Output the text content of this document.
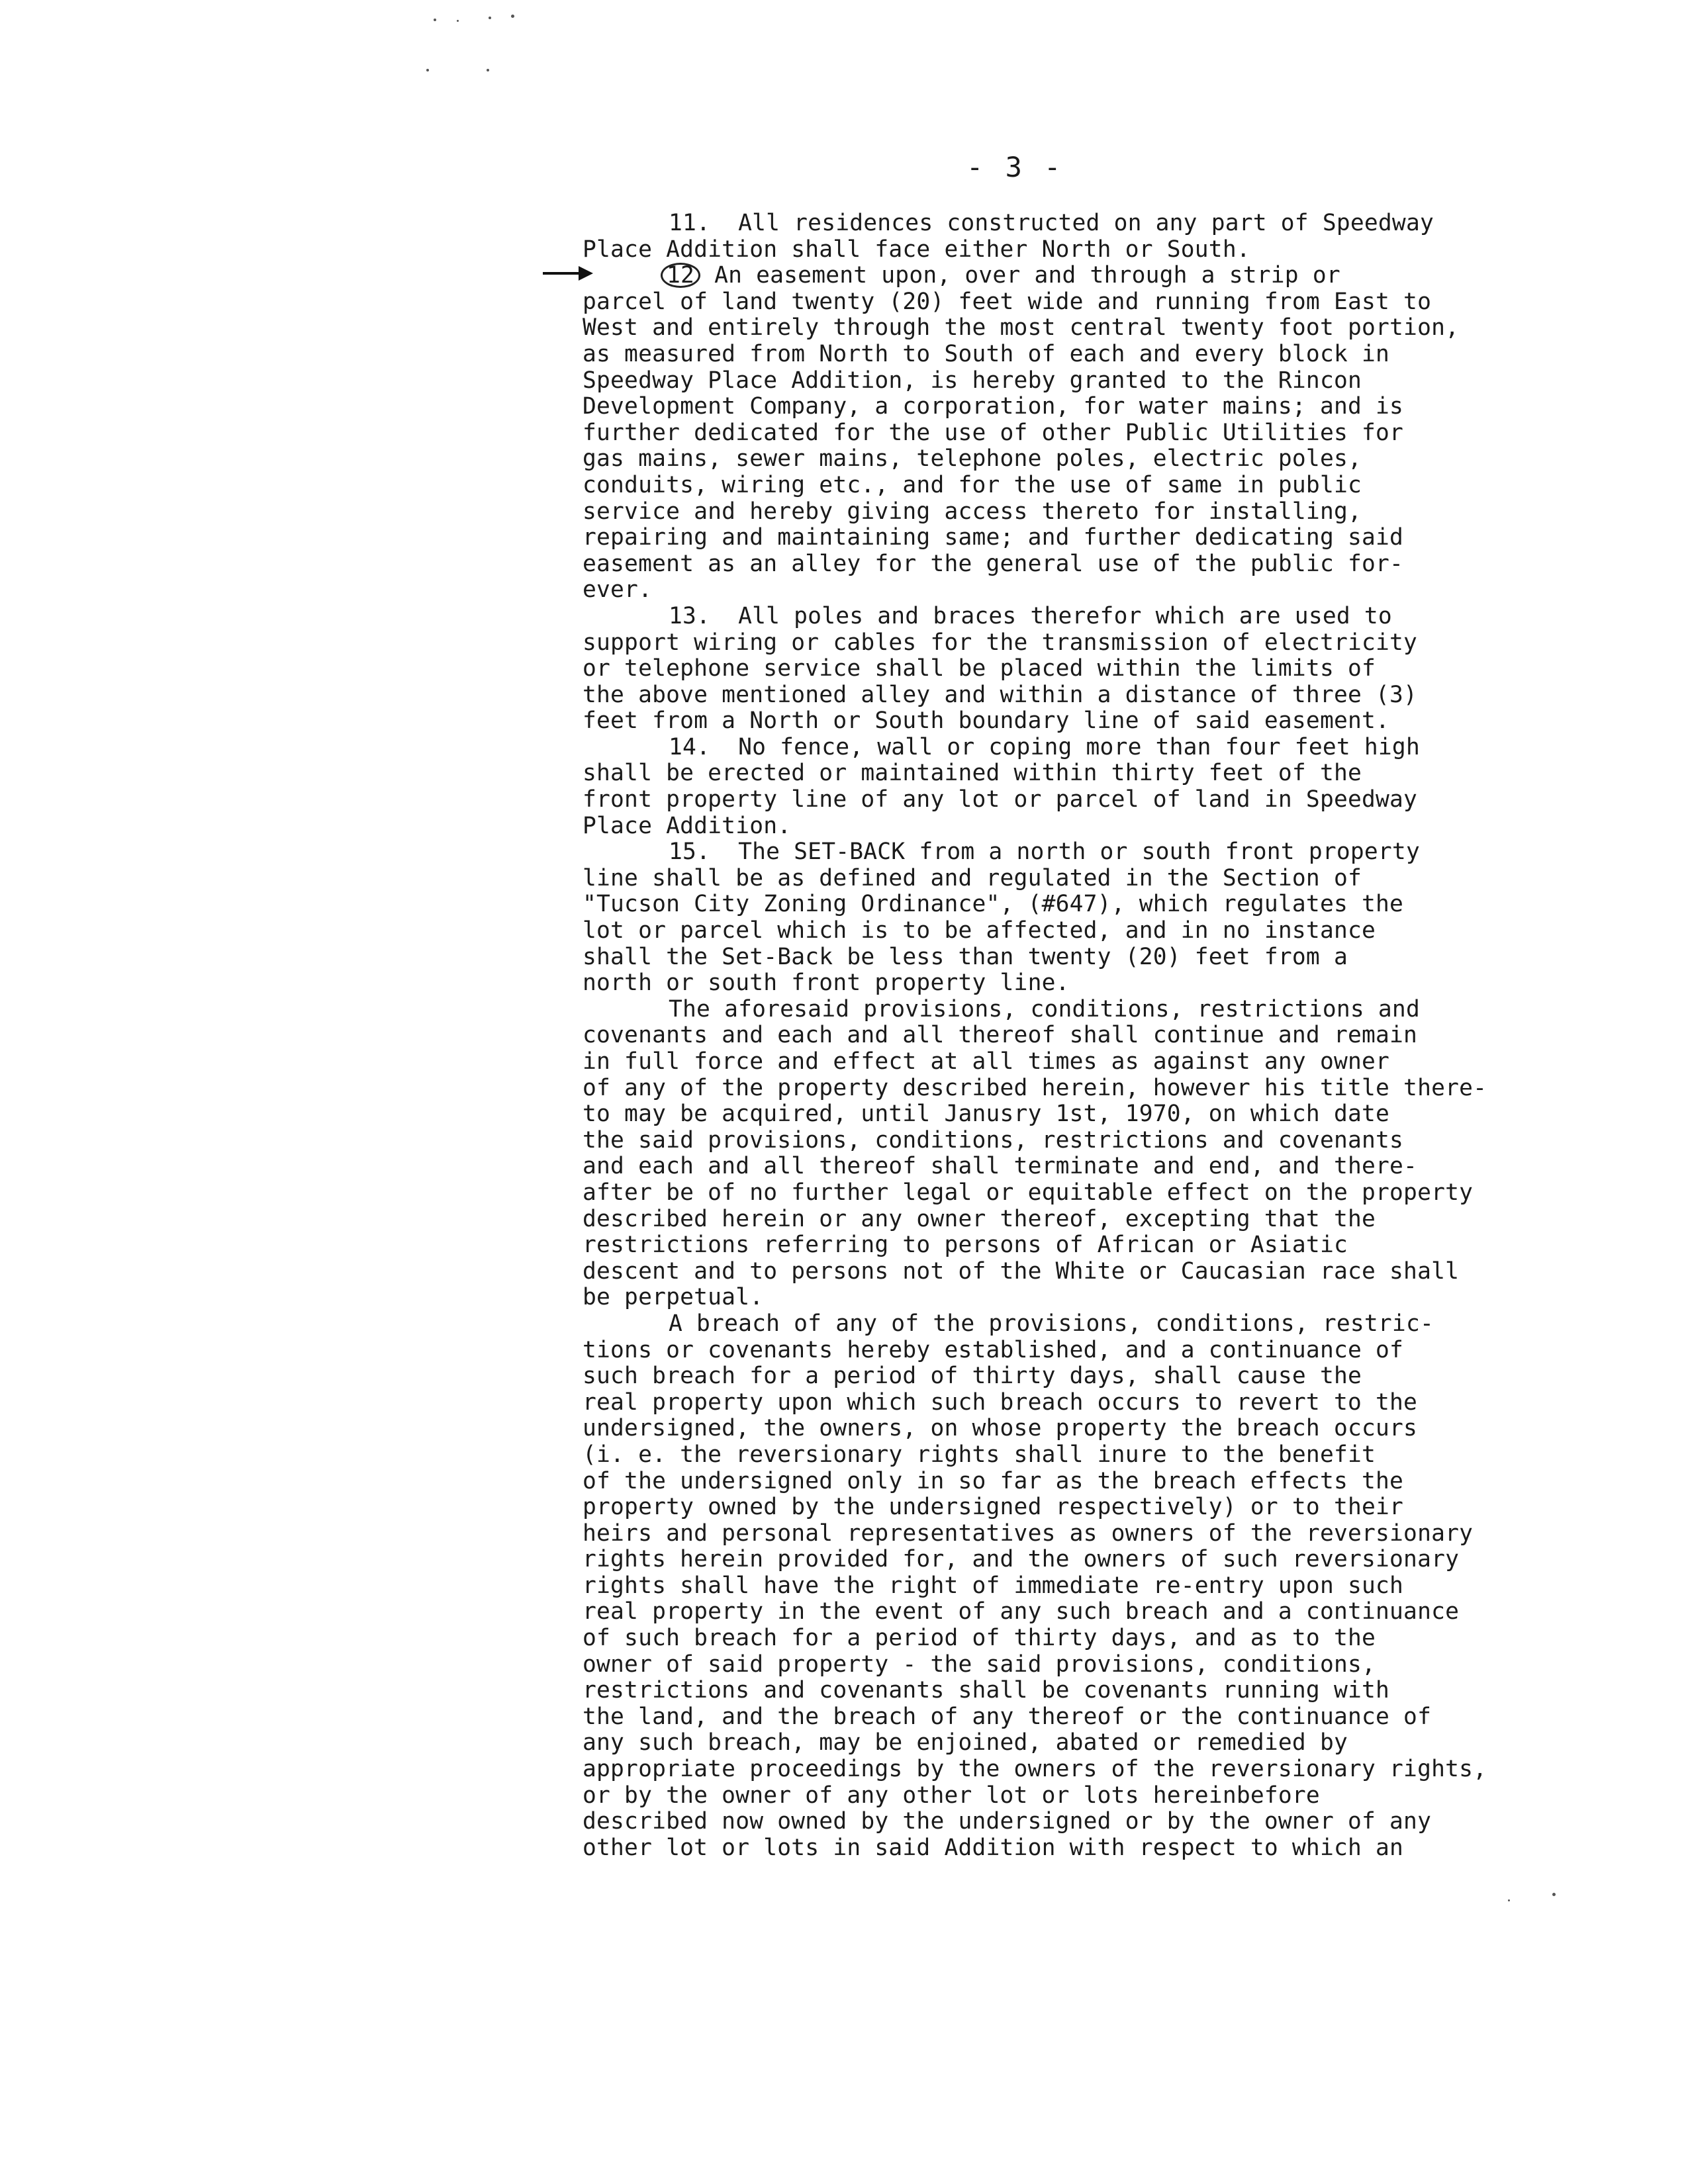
- 3 -
11.  All residences constructed on any part of Speedway
Place Addition shall face either North or South.
12 An easement upon, over and through a strip or
parcel of land twenty (20) feet wide and running from East to
West and entirely through the most central twenty foot portion,
as measured from North to South of each and every block in
Speedway Place Addition, is hereby granted to the Rincon
Development Company, a corporation, for water mains; and is
further dedicated for the use of other Public Utilities for
gas mains, sewer mains, telephone poles, electric poles,
conduits, wiring etc., and for the use of same in public
service and hereby giving access thereto for installing,
repairing and maintaining same; and further dedicating said
easement as an alley for the general use of the public for-
ever.
13.  All poles and braces therefor which are used to
support wiring or cables for the transmission of electricity
or telephone service shall be placed within the limits of
the above mentioned alley and within a distance of three (3)
feet from a North or South boundary line of said easement.
14.  No fence, wall or coping more than four feet high
shall be erected or maintained within thirty feet of the
front property line of any lot or parcel of land in Speedway
Place Addition.
15.  The SET-BACK from a north or south front property
line shall be as defined and regulated in the Section of
"Tucson City Zoning Ordinance", (#647), which regulates the
lot or parcel which is to be affected, and in no instance
shall the Set-Back be less than twenty (20) feet from a
north or south front property line.
The aforesaid provisions, conditions, restrictions and
covenants and each and all thereof shall continue and remain
in full force and effect at all times as against any owner
of any of the property described herein, however his title there-
to may be acquired, until Janusry 1st, 1970, on which date
the said provisions, conditions, restrictions and covenants
and each and all thereof shall terminate and end, and there-
after be of no further legal or equitable effect on the property
described herein or any owner thereof, excepting that the
restrictions referring to persons of African or Asiatic
descent and to persons not of the White or Caucasian race shall
be perpetual.
A breach of any of the provisions, conditions, restric-
tions or covenants hereby established, and a continuance of
such breach for a period of thirty days, shall cause the
real property upon which such breach occurs to revert to the
undersigned, the owners, on whose property the breach occurs
(i. e. the reversionary rights shall inure to the benefit
of the undersigned only in so far as the breach effects the
property owned by the undersigned respectively) or to their
heirs and personal representatives as owners of the reversionary
rights herein provided for, and the owners of such reversionary
rights shall have the right of immediate re-entry upon such
real property in the event of any such breach and a continuance
of such breach for a period of thirty days, and as to the
owner of said property - the said provisions, conditions,
restrictions and covenants shall be covenants running with
the land, and the breach of any thereof or the continuance of
any such breach, may be enjoined, abated or remedied by
appropriate proceedings by the owners of the reversionary rights,
or by the owner of any other lot or lots hereinbefore
described now owned by the undersigned or by the owner of any
other lot or lots in said Addition with respect to which an
